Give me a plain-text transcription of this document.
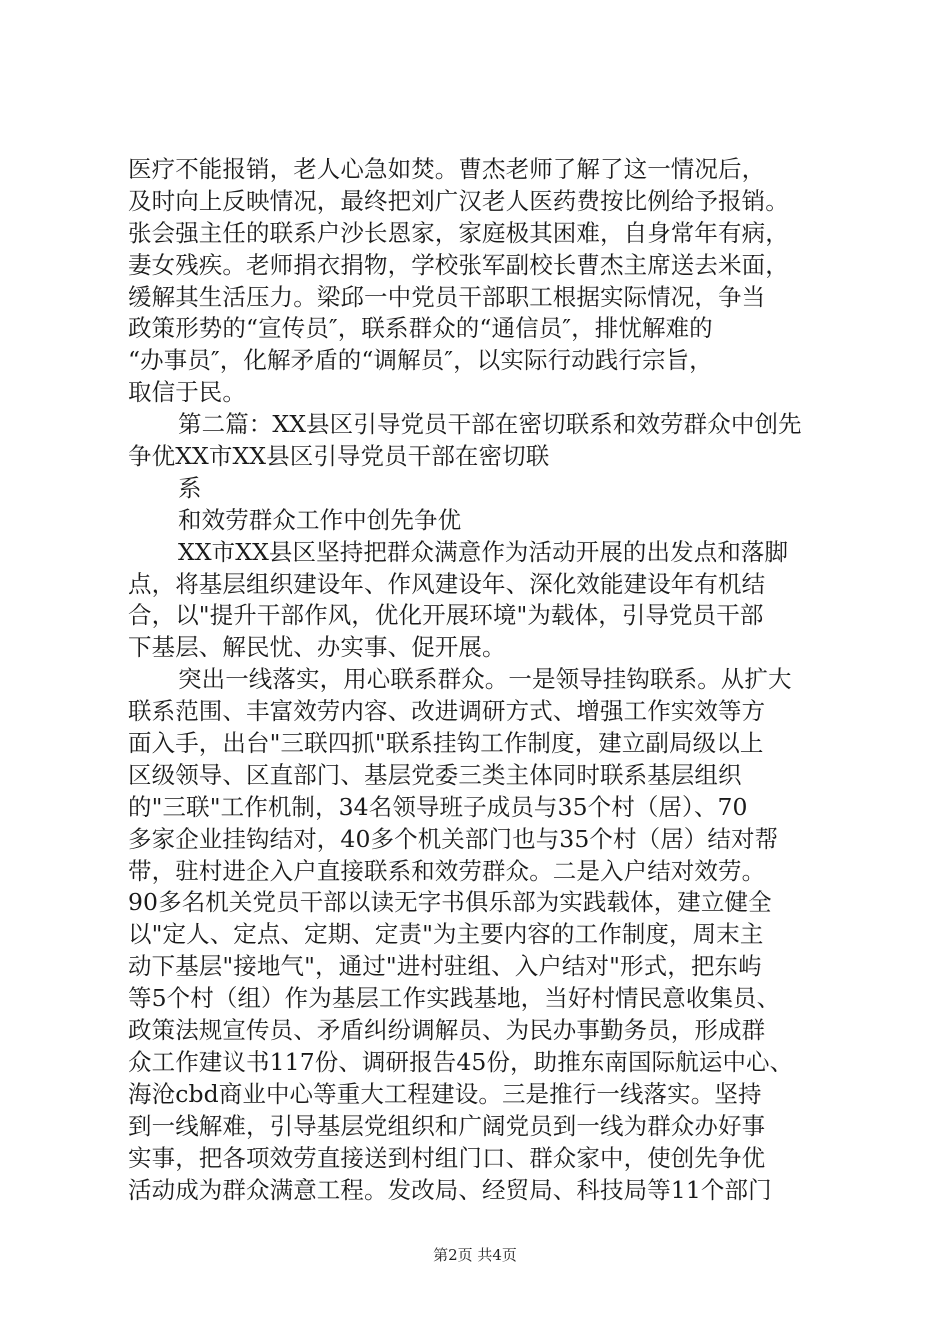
医疗不能报销，老人心急如焚。曹杰老师了解了这一情况后，
及时向上反映情况，最终把刘广汉老人医药费按比例给予报销。
张会强主任的联系户沙长恩家，家庭极其困难，自身常年有病，
妻女残疾。老师捐衣捐物，学校张军副校长曹杰主席送去米面，
缓解其生活压力。梁邱一中党员干部职工根据实际情况，争当
政策形势的“宣传员″，联系群众的“通信员″，排忧解难的
“办事员″，化解矛盾的“调解员″，以实际行动践行宗旨，
取信于民。
第二篇：XX县区引导党员干部在密切联系和效劳群众中创先
争优XX市XX县区引导党员干部在密切联
系
和效劳群众工作中创先争优
XX市XX县区坚持把群众满意作为活动开展的出发点和落脚
点，将基层组织建设年、作风建设年、深化效能建设年有机结
合，以"提升干部作风，优化开展环境"为载体，引导党员干部
下基层、解民忧、办实事、促开展。
突出一线落实，用心联系群众。一是领导挂钩联系。从扩大
联系范围、丰富效劳内容、改进调研方式、增强工作实效等方
面入手，出台"三联四抓"联系挂钩工作制度，建立副局级以上
区级领导、区直部门、基层党委三类主体同时联系基层组织
的"三联"工作机制，34名领导班子成员与35个村（居）、70
多家企业挂钩结对，40多个机关部门也与35个村（居）结对帮
带，驻村进企入户直接联系和效劳群众。二是入户结对效劳。
90多名机关党员干部以读无字书俱乐部为实践载体，建立健全
以"定人、定点、定期、定责"为主要内容的工作制度，周末主
动下基层"接地气"，通过"进村驻组、入户结对"形式，把东屿
等5个村（组）作为基层工作实践基地，当好村情民意收集员、
政策法规宣传员、矛盾纠纷调解员、为民办事勤务员，形成群
众工作建议书117份、调研报告45份，助推东南国际航运中心、
海沧cbd商业中心等重大工程建设。三是推行一线落实。坚持
到一线解难，引导基层党组织和广阔党员到一线为群众办好事
实事，把各项效劳直接送到村组门口、群众家中，使创先争优
活动成为群众满意工程。发改局、经贸局、科技局等11个部门
第2页 共4页
